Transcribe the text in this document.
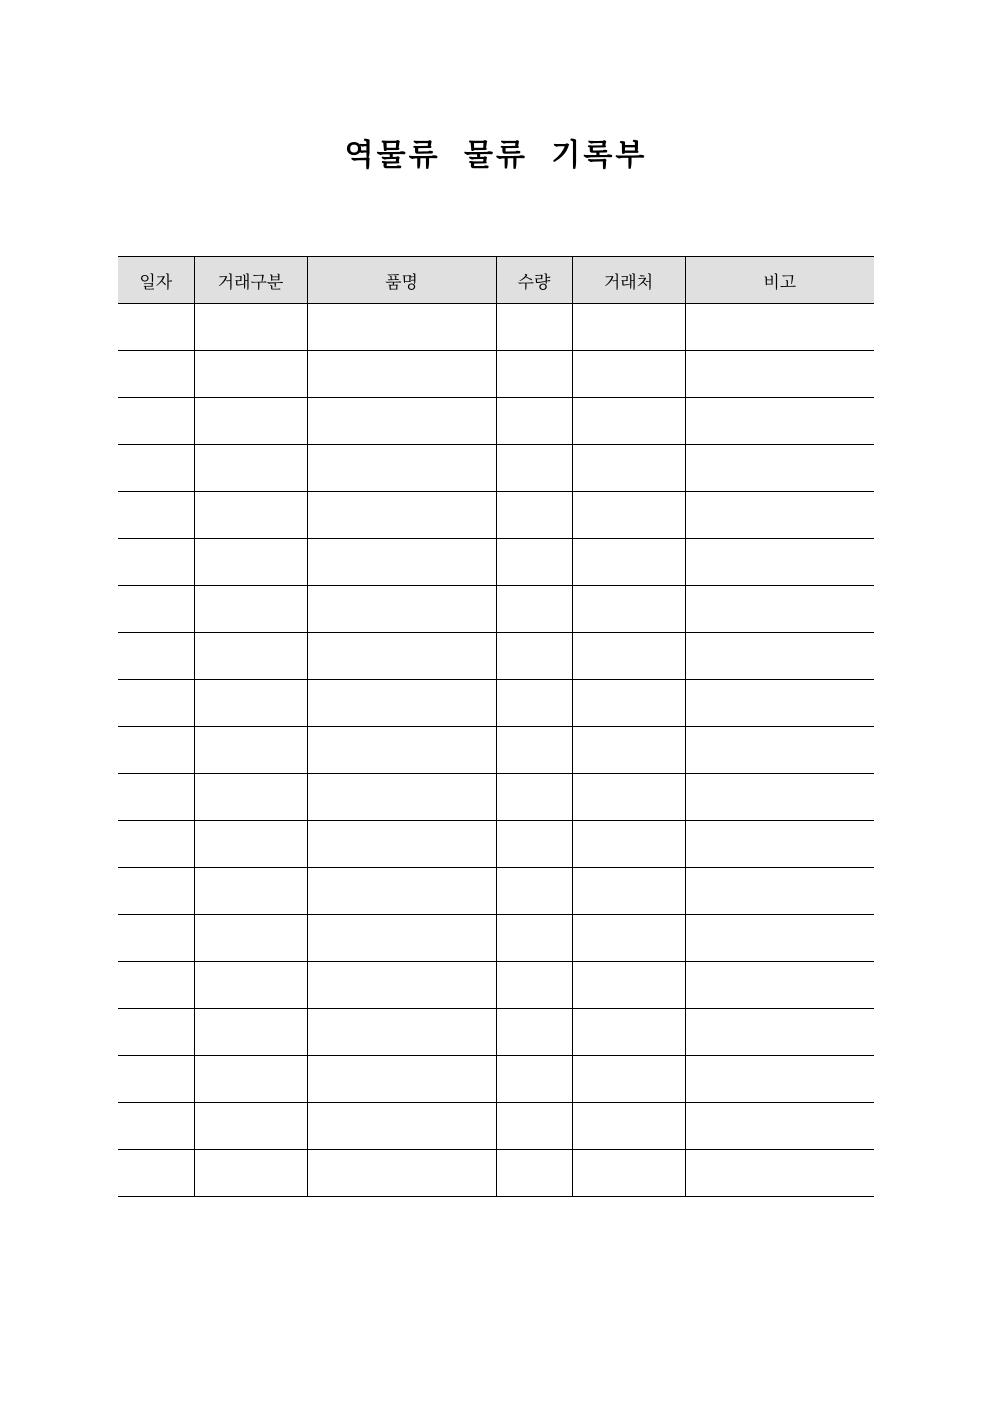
역물류 물류 기록부
일자	거래구분	품명	수량	거래처	비고
